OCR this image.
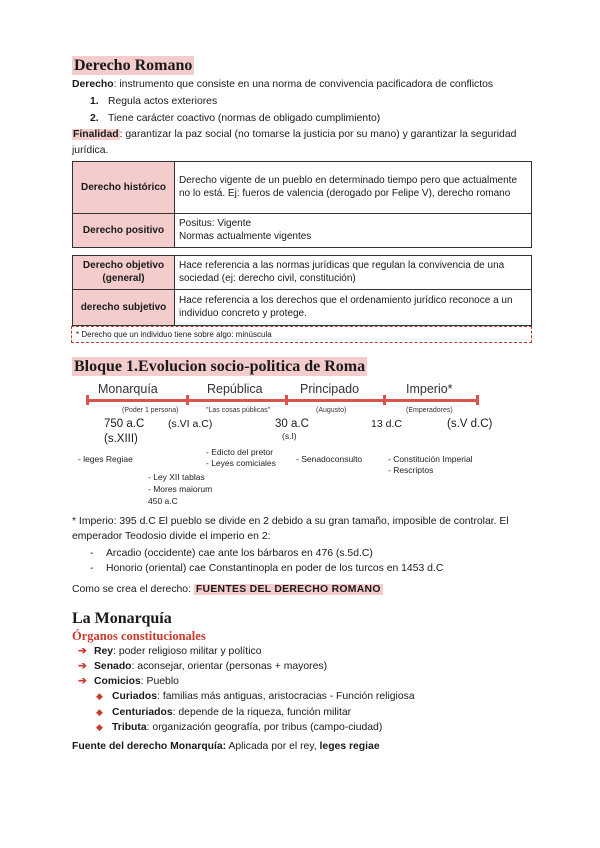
Derecho Romano

Derecho: instrumento que consiste en una norma de convivencia pacificadora de conflictos

1. Regula actos exteriores
2. Tiene carácter coactivo (normas de obligado cumplimiento)

Finalidad: garantizar la paz social (no tomarse la justicia por su mano) y garantizar la seguridad jurídica.

Derecho histórico	Derecho vigente de un pueblo en determinado tiempo pero que actualmente no lo está. Ej: fueros de valencia (derogado por Felipe V), derecho romano
Derecho positivo	Positus: Vigente
Normas actualmente vigentes
Derecho objetivo (general)	Hace referencia a las normas jurídicas que regulan la convivencia de una sociedad (ej: derecho civil, constitución)
derecho subjetivo	Hace referencia a los derechos que el ordenamiento jurídico reconoce a un individuo concreto y protege.
* Derecho que un individuo tiene sobre algo: minúscula
Bloque 1.Evolucion socio-politica de Roma
Monarquía	República	Principado	Imperio*
(Poder 1 persona)	"Las cosas públicas"	(Augusto)	(Emperadores)
750 a.C (s.VI a.C)	30 a.C	13 d.C	(s.V d.C)
(s.XIII)	(s.I)
- leges Regiae
- Edicto del pretor
- Leyes comiciales - Senadoconsulto	- Constitución Imperial
- Rescriptos
- Ley XII tablas
- Mores maiorum
450 a.C

* Imperio: 395 d.C El pueblo se divide en 2 debido a su gran tamaño, imposible de controlar. El emperador Teodosio divide el imperio en 2:

- Arcadio (occidente) cae ante los bárbaros en 476 (s.5d.C)
- Honorio (oriental) cae Constantinopla en poder de los turcos en 1453 d.C

Como se crea el derecho: FUENTES DEL DERECHO ROMANO

La Monarquía
Órganos constitucionales
➔ Rey: poder religioso militar y político
➔ Senado: aconsejar, orientar (personas + mayores)
➔ Comicios: Pueblo
◆ Curiados: familias más antiguas, aristocracias - Función religiosa
◆ Centuriados: depende de la riqueza, función militar
◆ Tributa: organización geografía, por tribus (campo-ciudad)

Fuente del derecho Monarquía: Aplicada por el rey, leges regiae
